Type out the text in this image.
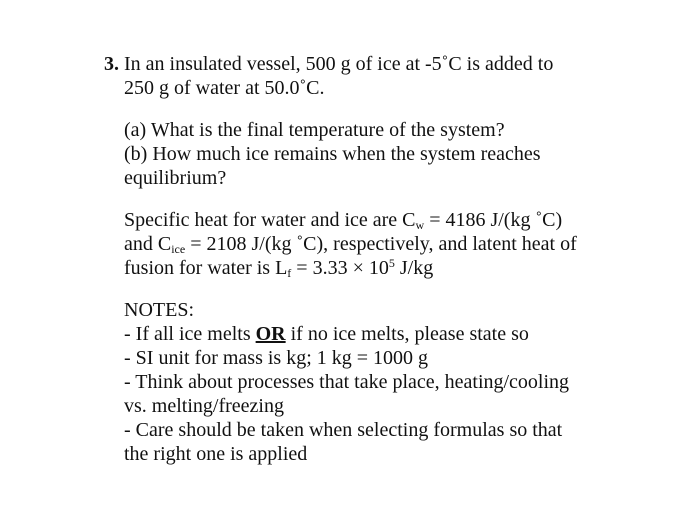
3. In an insulated vessel, 500 g of ice at -5˚C is added to
250 g of water at 50.0˚C.
(a) What is the final temperature of the system?
(b) How much ice remains when the system reaches
equilibrium?
Specific heat for water and ice are $C_w = 4186$ J/(kg ˚C)
and $C_{ice} = 2108$ J/(kg ˚C), respectively, and latent heat of
fusion for water is $L_f = 3.33 \times 10^5$ J/kg
NOTES:
- If all ice melts OR if no ice melts, please state so
- SI unit for mass is kg; 1 kg = 1000 g
- Think about processes that take place, heating/cooling
vs. melting/freezing
- Care should be taken when selecting formulas so that
the right one is applied
